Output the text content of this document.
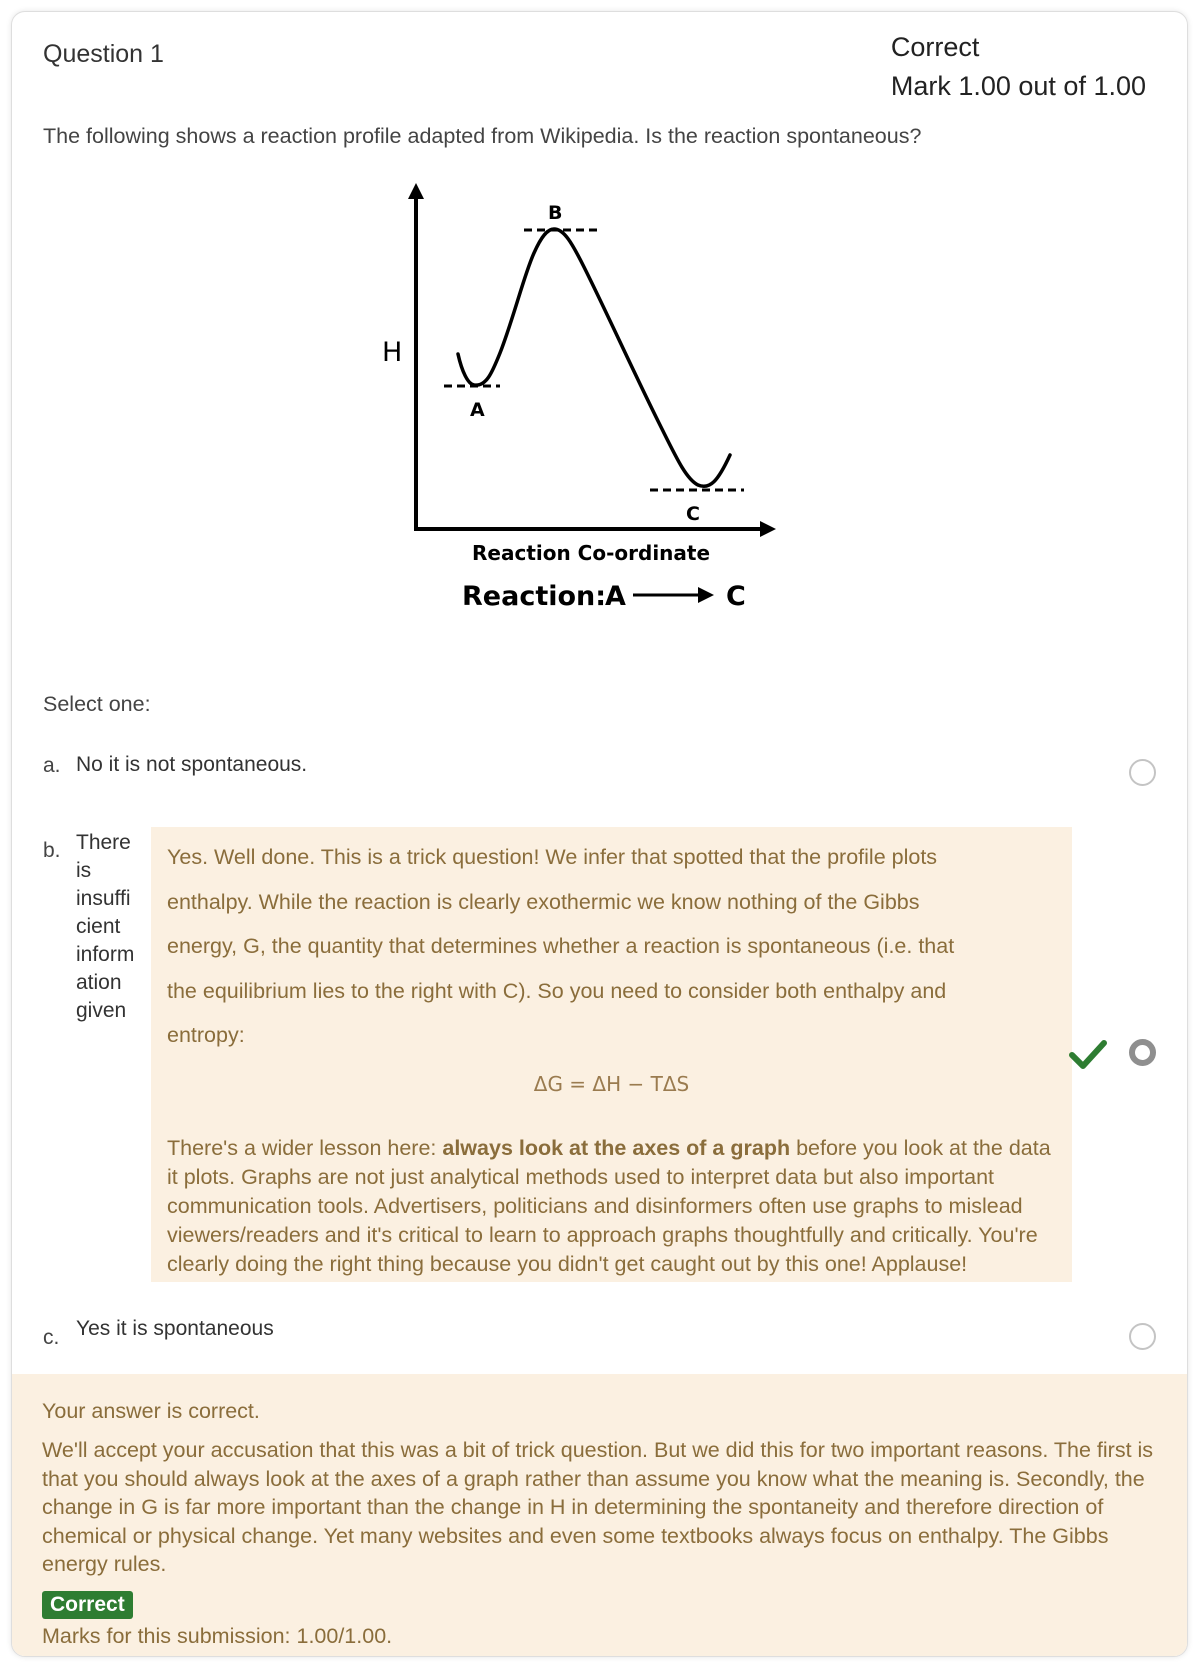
Question 1	Correct
Mark 1.00 out of 1.00
The following shows a reaction profile adapted from Wikipedia. Is the reaction spontaneous?
H
A
B
C
Reaction Co-ordinate
Reaction:
A	C
Select one:
a. No it is not spontaneous.
b. There
is
insuffi
cient
inform
ation
given

Yes. Well done. This is a trick question! We infer that spotted that the profile plots

enthalpy. While the reaction is clearly exothermic we know nothing of the Gibbs

energy, G, the quantity that determines whether a reaction is spontaneous (i.e. that

the equilibrium lies to the right with C). So you need to consider both enthalpy and

entropy:

ΔG = ΔH − TΔS

There's a wider lesson here: always look at the axes of a graph before you look at the data it plots. Graphs are not just analytical methods used to interpret data but also important communication tools. Advertisers, politicians and disinformers often use graphs to mislead viewers/readers and it's critical to learn to approach graphs thoughtfully and critically. You're clearly doing the right thing because you didn't get caught out by this one! Applause!

c. Yes it is spontaneous

Your answer is correct.

We'll accept your accusation that this was a bit of trick question. But we did this for two important reasons. The first is that you should always look at the axes of a graph rather than assume you know what the meaning is. Secondly, the change in G is far more important than the change in H in determining the spontaneity and therefore direction of chemical or physical change. Yet many websites and even some textbooks always focus on enthalpy. The Gibbs energy rules.

Correct
Marks for this submission: 1.00/1.00.
